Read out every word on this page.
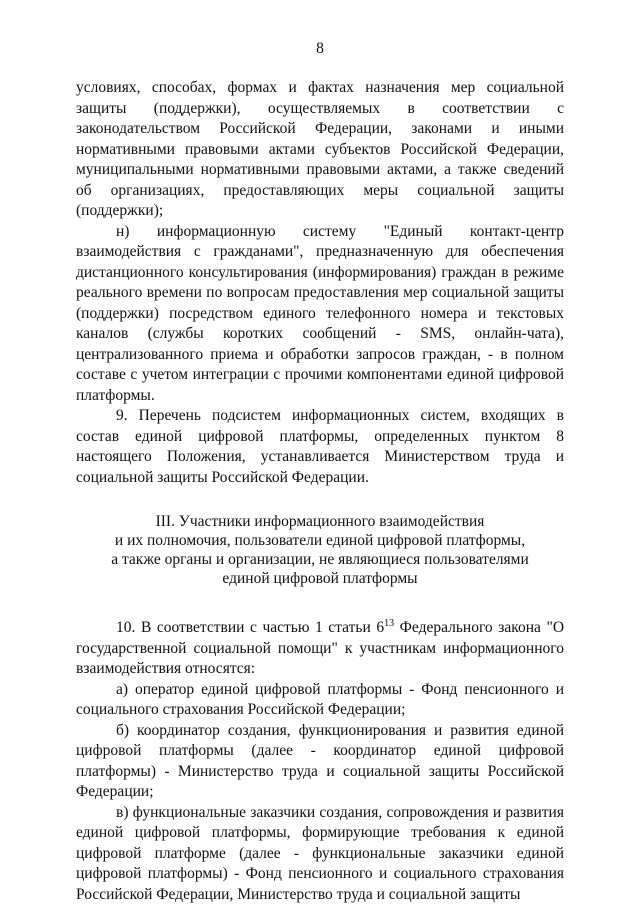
8

условиях, способах, формах и фактах назначения мер социальной защиты (поддержки), осуществляемых в соответствии с законодательством Российской Федерации, законами и иными нормативными правовыми актами субъектов Российской Федерации, муниципальными нормативными правовыми актами, а также сведений об организациях, предоставляющих меры социальной защиты (поддержки);

н) информационную систему "Единый контакт-центр взаимодействия с гражданами", предназначенную для обеспечения дистанционного консультирования (информирования) граждан в режиме реального времени по вопросам предоставления мер социальной защиты (поддержки) посредством единого телефонного номера и текстовых каналов (службы коротких сообщений - SMS, онлайн-чата), централизованного приема и обработки запросов граждан, - в полном составе с учетом интеграции с прочими компонентами единой цифровой платформы.

9. Перечень подсистем информационных систем, входящих в состав единой цифровой платформы, определенных пунктом 8 настоящего Положения, устанавливается Министерством труда и социальной защиты Российской Федерации.

III. Участники информационного взаимодействия
и их полномочия, пользователи единой цифровой платформы,
а также органы и организации, не являющиеся пользователями
единой цифровой платформы

10. В соответствии с частью 1 статьи $6^{13}$ Федерального закона "О государственной социальной помощи" к участникам информационного взаимодействия относятся:

а) оператор единой цифровой платформы - Фонд пенсионного и социального страхования Российской Федерации;

б) координатор создания, функционирования и развития единой цифровой платформы (далее - координатор единой цифровой платформы) - Министерство труда и социальной защиты Российской Федерации;

в) функциональные заказчики создания, сопровождения и развития единой цифровой платформы, формирующие требования к единой цифровой платформе (далее - функциональные заказчики единой цифровой платформы) - Фонд пенсионного и социального страхования Российской Федерации, Министерство труда и социальной защиты
